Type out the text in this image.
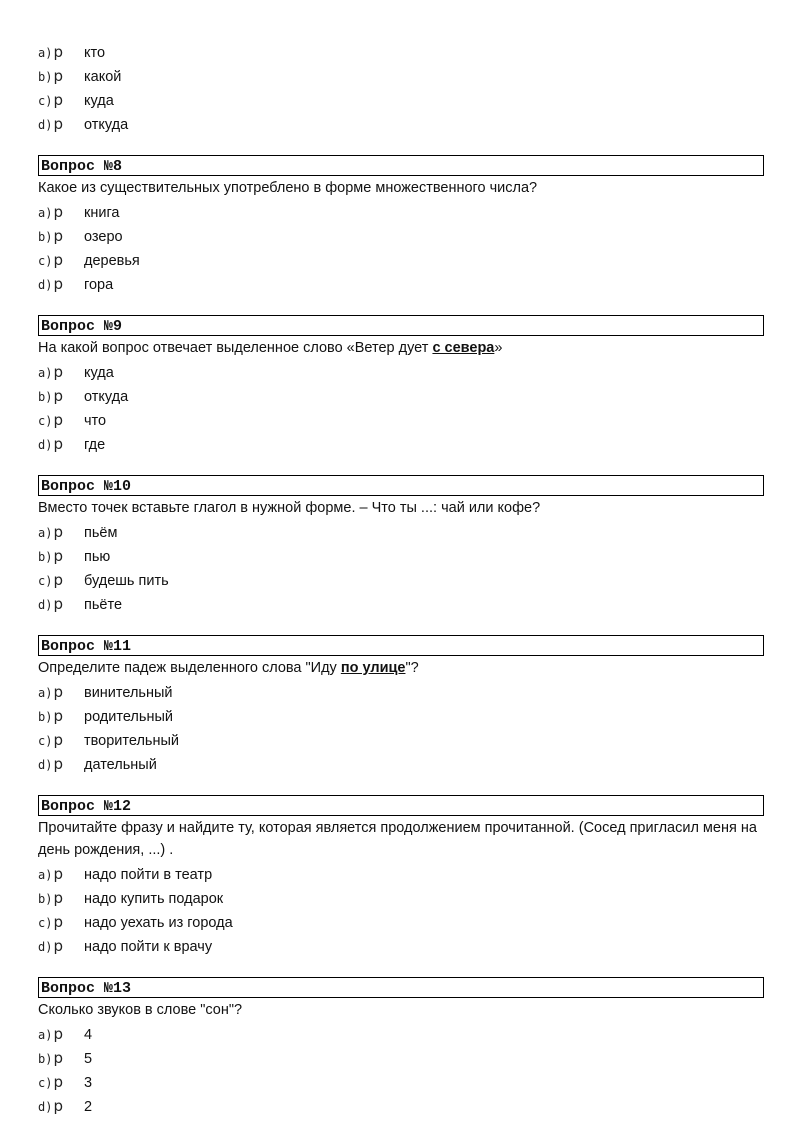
a)p	кто
b)p	какой
c)p	куда
d)p	откуда
Вопрос №8
Какое из существительных употреблено в форме множественного числа?
a)p	книга
b)p	озеро
c)p	деревья
d)p	гора
Вопрос №9
На какой вопрос отвечает выделенное слово «Ветер дует с севера»
a)p	куда
b)p	откуда
c)p	что
d)p	где
Вопрос №10
Вместо точек вставьте глагол в нужной форме. – Что ты ...: чай или кофе?
a)p	пьём
b)p	пью
c)p	будешь пить
d)p	пьёте
Вопрос №11
Определите падеж выделенного слова "Иду по улице"?
a)p	винительный
b)p	родительный
c)p	творительный
d)p	дательный
Вопрос №12
Прочитайте фразу и найдите ту, которая является продолжением прочитанной. (Сосед пригласил меня на день рождения, ...) .
a)p	надо пойти в театр
b)p	надо купить подарок
c)p	надо уехать из города
d)p	надо пойти к врачу
Вопрос №13
Сколько звуков в слове "сон"?
a)p	4
b)p	5
c)p	3
d)p	2
